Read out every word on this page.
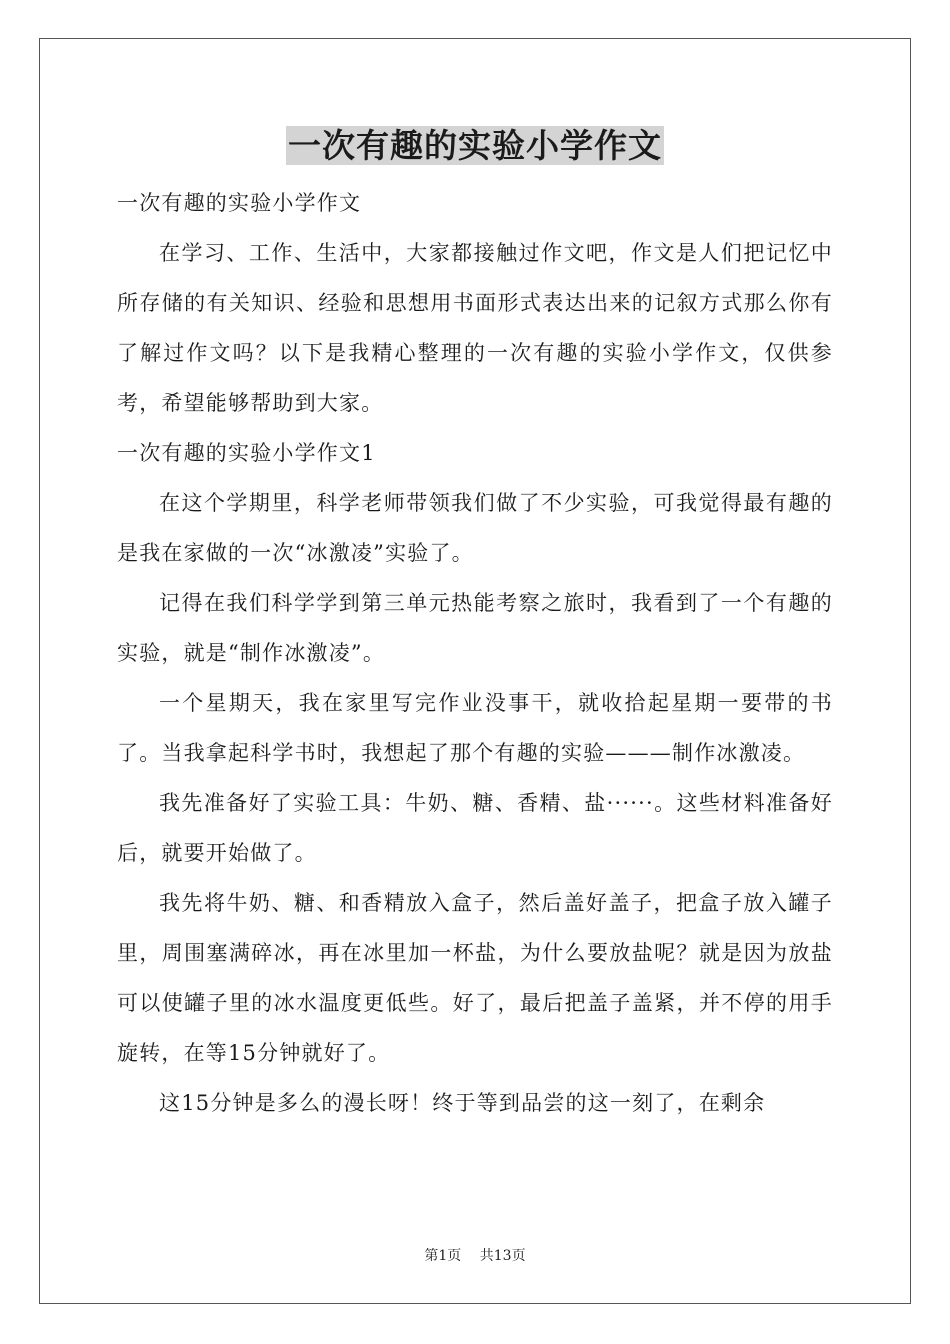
一次有趣的实验小学作文

一次有趣的实验小学作文

在学习、工作、生活中，大家都接触过作文吧，作文是人们把记忆中所存储的有关知识、经验和思想用书面形式表达出来的记叙方式那么你有了解过作文吗？以下是我精心整理的一次有趣的实验小学作文，仅供参考，希望能够帮助到大家。

一次有趣的实验小学作文1

在这个学期里，科学老师带领我们做了不少实验，可我觉得最有趣的是我在家做的一次“冰激凌”实验了。

记得在我们科学学到第三单元热能考察之旅时，我看到了一个有趣的实验，就是“制作冰激凌”。

一个星期天，我在家里写完作业没事干，就收拾起星期一要带的书了。当我拿起科学书时，我想起了那个有趣的实验———制作冰激凌。

我先准备好了实验工具：牛奶、糖、香精、盐······。这些材料准备好后，就要开始做了。

我先将牛奶、糖、和香精放入盒子，然后盖好盖子，把盒子放入罐子里，周围塞满碎冰，再在冰里加一杯盐，为什么要放盐呢？就是因为放盐可以使罐子里的冰水温度更低些。好了，最后把盖子盖紧，并不停的用手旋转，在等15分钟就好了。

这15分钟是多么的漫长呀！终于等到品尝的这一刻了，在剩余

第1页 共13页
